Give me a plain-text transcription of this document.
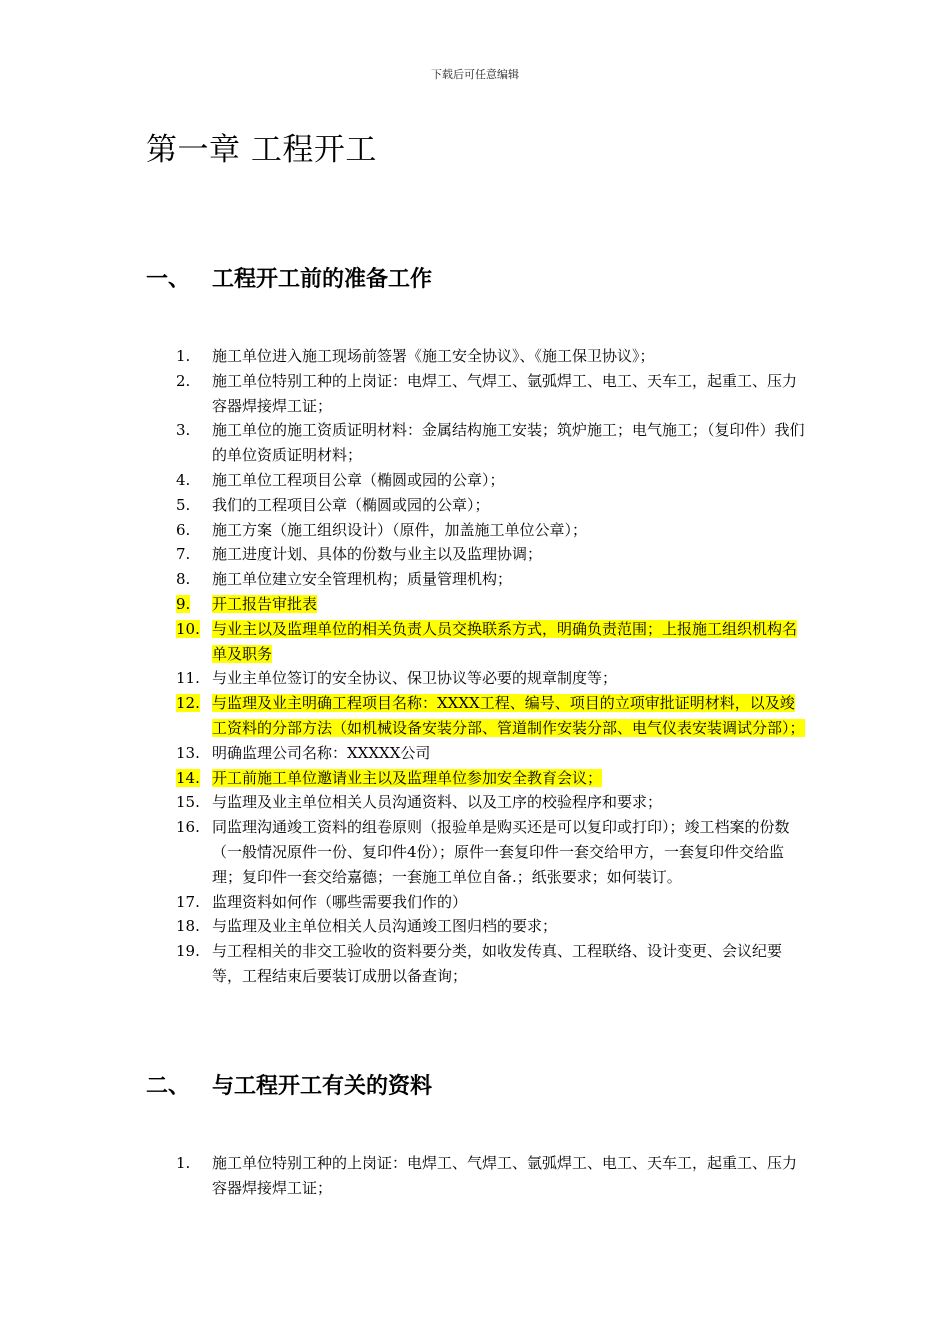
下载后可任意编辑
第一章 工程开工
一、 工程开工前的准备工作
1.	施工单位进入施工现场前签署《施工安全协议》、《施工保卫协议》；
2.	施工单位特别工种的上岗证：电焊工、气焊工、氩弧焊工、电工、天车工，起重工、压力容器焊接焊工证；
3.	施工单位的施工资质证明材料：金属结构施工安装；筑炉施工；电气施工；（复印件）我们的单位资质证明材料；
4.	施工单位工程项目公章（椭圆或园的公章）；
5.	我们的工程项目公章（椭圆或园的公章）；
6.	施工方案（施工组织设计）（原件，加盖施工单位公章）；
7.	施工进度计划、具体的份数与业主以及监理协调；
8.	施工单位建立安全管理机构；质量管理机构；
9.	开工报告审批表
10. 与业主以及监理单位的相关负责人员交换联系方式，明确负责范围；上报施工组织机构名单及职务
11. 与业主单位签订的安全协议、保卫协议等必要的规章制度等；
12. 与监理及业主明确工程项目名称：XXXX工程、编号、项目的立项审批证明材料，以及竣工资料的分部方法（如机械设备安装分部、管道制作安装分部、电气仪表安装调试分部）；
13. 明确监理公司名称：XXXXX公司
14. 开工前施工单位邀请业主以及监理单位参加安全教育会议；
15. 与监理及业主单位相关人员沟通资料、以及工序的校验程序和要求；
16. 同监理沟通竣工资料的组卷原则（报验单是购买还是可以复印或打印）；竣工档案的份数（一般情况原件一份、复印件4份）；原件一套复印件一套交给甲方，一套复印件交给监理；复印件一套交给嘉德；一套施工单位自备.；纸张要求；如何装订。
17. 监理资料如何作（哪些需要我们作的）
18. 与监理及业主单位相关人员沟通竣工图归档的要求；
19. 与工程相关的非交工验收的资料要分类，如收发传真、工程联络、设计变更、会议纪要等，工程结束后要装订成册以备查询；
二、 与工程开工有关的资料
1.	施工单位特别工种的上岗证：电焊工、气焊工、氩弧焊工、电工、天车工，起重工、压力容器焊接焊工证；
